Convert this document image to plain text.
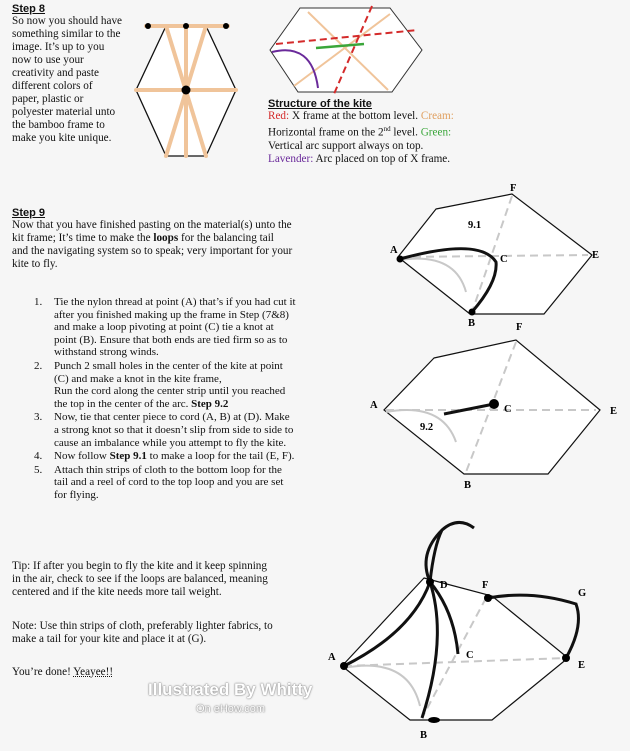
Step 8
So now you should have
something similar to the
image. It’s up to you
now to use your
creativity and paste
different colors of
paper, plastic or
polyester material unto
the bamboo frame to
make you kite unique.
Structure of the kite
Red: X frame at the bottom level. Cream:
Horizontal frame on the 2nd level. Green:
Vertical arc support always on top.
Lavender: Arc placed on top of X frame.
Step 9
Now that you have finished pasting on the material(s) unto the
kit frame; It’s time to make the loops for the balancing tail
and the navigating system so to speak; very important for your
kite to fly.
1. Tie the nylon thread at point (A) that’s if you had cut it
after you finished making up the frame in Step (7&8)
and make a loop pivoting at point (C) tie a knot at
point (B). Ensure that both ends are tied firm so as to
withstand strong winds.
2. Punch 2 small holes in the center of the kite at point
(C) and make a knot in the kite frame,
Run the cord along the center strip until you reached
the top in the center of the arc. Step 9.2
3. Now, tie that center piece to cord (A, B) at (D). Make
a strong knot so that it doesn’t slip from side to side to
cause an imbalance while you attempt to fly the kite.
4. Now follow Step 9.1 to make a loop for the tail (E, F).
5. Attach thin strips of cloth to the bottom loop for the
tail and a reel of cord to the top loop and you are set
for flying.
Tip: If after you begin to fly the kite and it keep spinning
in the air, check to see if the loops are balanced, meaning
centered and if the kite needs more tail weight.
Note: Use thin strips of cloth, preferably lighter fabrics, to
make a tail for your kite and place it at (G).
You’re done! Yeayee!!
A
B
C	E
F
9.1
A
B
C	E
F
9.2
A
B
C
D
E
F
G
Illustrated By Whitty
On eHow.com
